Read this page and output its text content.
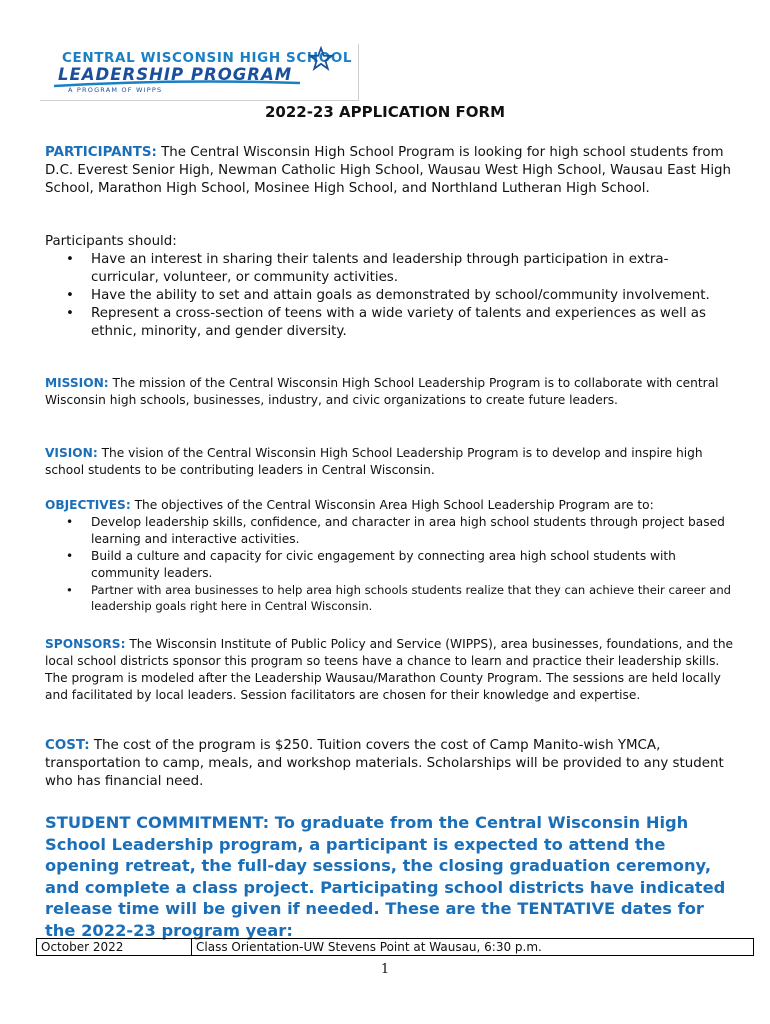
CENTRAL WISCONSIN HIGH SCHOOL
LEADERSHIP PROGRAM
A PROGRAM OF WIPPS
2022-23 APPLICATION FORM
PARTICIPANTS: The Central Wisconsin High School Program is looking for high school students from D.C. Everest Senior High, Newman Catholic High School, Wausau West High School, Wausau East High School, Marathon High School, Mosinee High School, and Northland Lutheran High School.
Participants should:
• Have an interest in sharing their talents and leadership through participation in extra-curricular, volunteer, or community activities.
• Have the ability to set and attain goals as demonstrated by school/community involvement.
• Represent a cross-section of teens with a wide variety of talents and experiences as well as ethnic, minority, and gender diversity.
MISSION: The mission of the Central Wisconsin High School Leadership Program is to collaborate with central Wisconsin high schools, businesses, industry, and civic organizations to create future leaders.
VISION: The vision of the Central Wisconsin High School Leadership Program is to develop and inspire high school students to be contributing leaders in Central Wisconsin.
OBJECTIVES: The objectives of the Central Wisconsin Area High School Leadership Program are to:
• Develop leadership skills, confidence, and character in area high school students through project based learning and interactive activities.
• Build a culture and capacity for civic engagement by connecting area high school students with community leaders.
• Partner with area businesses to help area high schools students realize that they can achieve their career and leadership goals right here in Central Wisconsin.
SPONSORS: The Wisconsin Institute of Public Policy and Service (WIPPS), area businesses, foundations, and the local school districts sponsor this program so teens have a chance to learn and practice their leadership skills. The program is modeled after the Leadership Wausau/Marathon County Program. The sessions are held locally and facilitated by local leaders. Session facilitators are chosen for their knowledge and expertise.
COST: The cost of the program is $250. Tuition covers the cost of Camp Manito-wish YMCA, transportation to camp, meals, and workshop materials. Scholarships will be provided to any student who has financial need.
STUDENT COMMITMENT: To graduate from the Central Wisconsin High School Leadership program, a participant is expected to attend the opening retreat, the full-day sessions, the closing graduation ceremony, and complete a class project. Participating school districts have indicated release time will be given if needed. These are the TENTATIVE dates for the 2022-23 program year:
October 2022	Class Orientation-UW Stevens Point at Wausau, 6:30 p.m.
1
